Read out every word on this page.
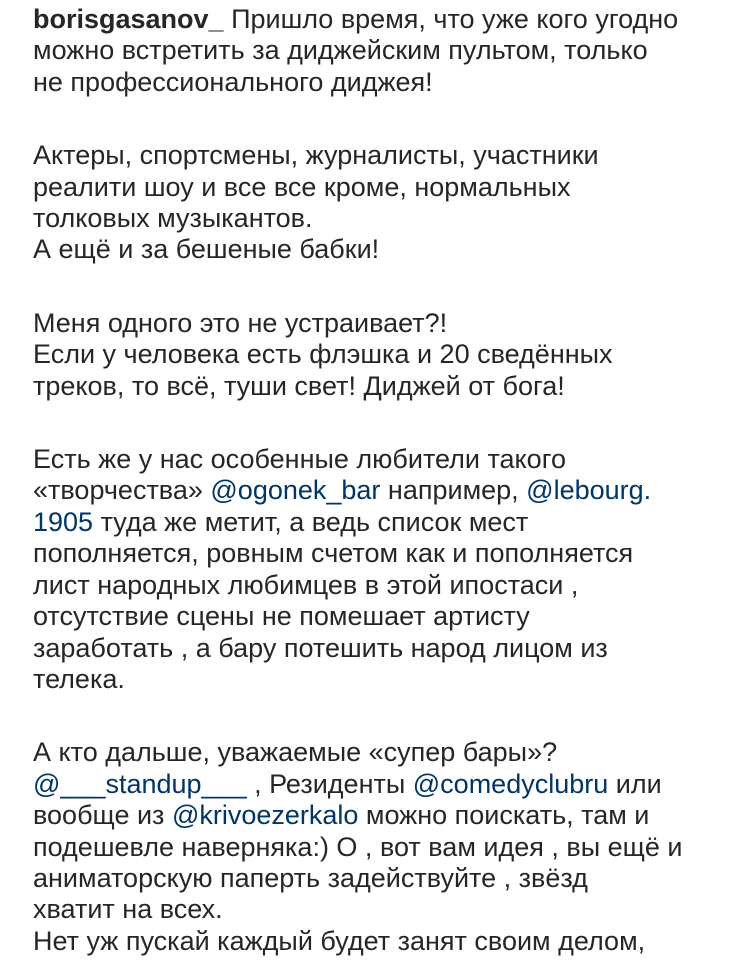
borisgasanov_ Пришло время, что уже кого угодно
можно встретить за диджейским пультом, только
не профессионального диджея!
Актеры, спортсмены, журналисты, участники
реалити шоу и все все кроме, нормальных
толковых музыкантов.
А ещё и за бешеные бабки!
Меня одного это не устраивает?!
Если у человека есть флэшка и 20 сведённых
треков, то всё, туши свет! Диджей от бога!
Есть же у нас особенные любители такого
«творчества» @ogonek_bar например, @lebourg.
1905 туда же метит, а ведь список мест
пополняется, ровным счетом как и пополняется
лист народных любимцев в этой ипостаси ,
отсутствие сцены не помешает артисту
заработать , а бару потешить народ лицом из
телека.
А кто дальше, уважаемые «супер бары»?
@___standup___ , Резиденты @comedyclubru или
вообще из @krivoezerkalo можно поискать, там и
подешевле наверняка:) О , вот вам идея , вы ещё и
аниматорскую паперть задействуйте , звёзд
хватит на всех.
Нет уж пускай каждый будет занят своим делом,
